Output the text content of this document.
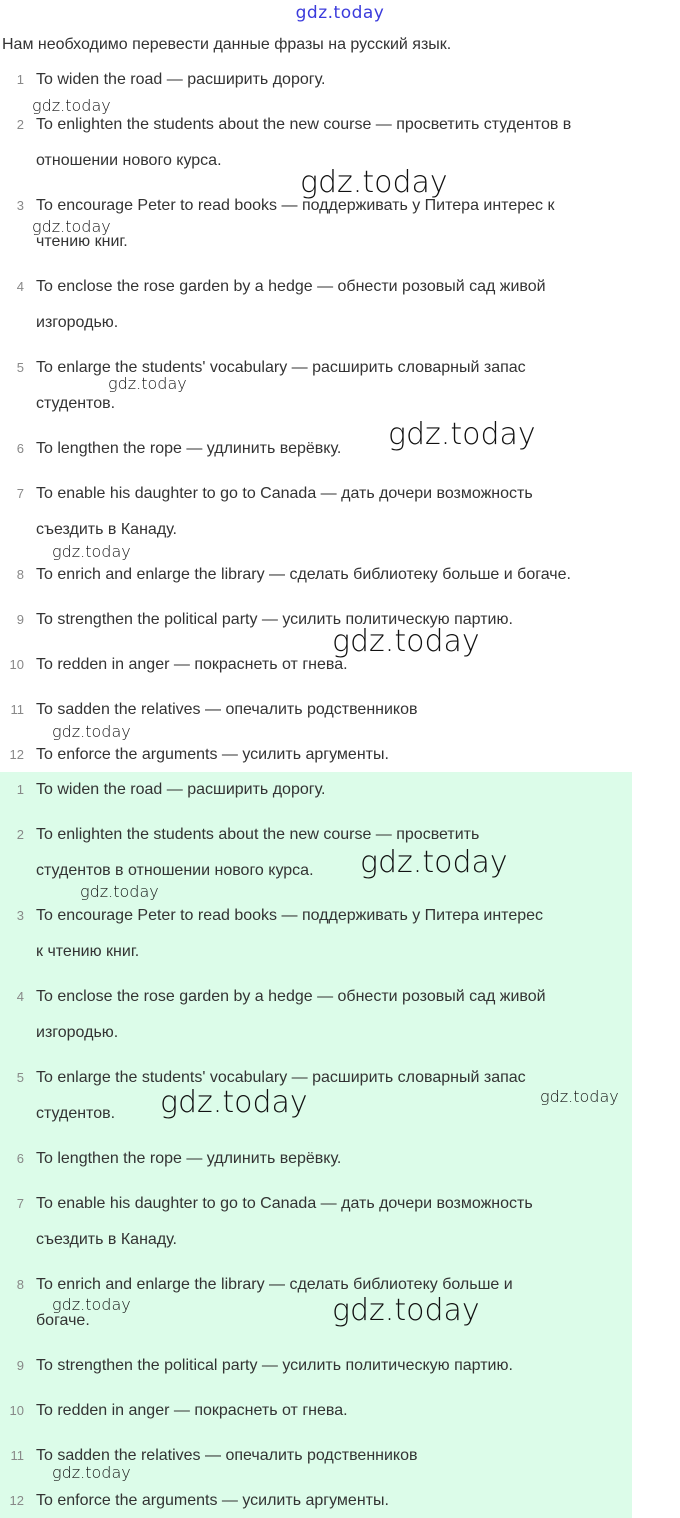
gdz.today
Нам необходимо перевести данные фразы на русский язык.
1 To widen the road — расширить дорогу.
2 To enlighten the students about the new course — просветить студентов в
отношении нового курса.
3 To encourage Peter to read books — поддерживать у Питера интерес к
чтению книг.
4 To enclose the rose garden by a hedge — обнести розовый сад живой
изгородью.
5 To enlarge the students' vocabulary — расширить словарный запас
студентов.
6 To lengthen the rope — удлинить верёвку.
7 To enable his daughter to go to Canada — дать дочери возможность
съездить в Канаду.
8 To enrich and enlarge the library — сделать библиотеку больше и богаче.
9 To strengthen the political party — усилить политическую партию.
10 To redden in anger — покраснеть от гнева.
11 To sadden the relatives — опечалить родственников
12 To enforce the arguments — усилить аргументы.
1 To widen the road — расширить дорогу.
2 To enlighten the students about the new course — просветить
студентов в отношении нового курса.
3 To encourage Peter to read books — поддерживать у Питера интерес
к чтению книг.
4 To enclose the rose garden by a hedge — обнести розовый сад живой
изгородью.
5 To enlarge the students' vocabulary — расширить словарный запас
студентов.
6 To lengthen the rope — удлинить верёвку.
7 To enable his daughter to go to Canada — дать дочери возможность
съездить в Канаду.
8 To enrich and enlarge the library — сделать библиотеку больше и
богаче.
9 To strengthen the political party — усилить политическую партию.
10 To redden in anger — покраснеть от гнева.
11 To sadden the relatives — опечалить родственников
12 To enforce the arguments — усилить аргументы.
gdz.today
gdz.today
gdz.today
gdz.today
gdz.today
gdz.today
gdz.today
gdz.today
gdz.today
gdz.today
gdz.today	gdz.today
gdz.today	gdz.today
gdz.today
